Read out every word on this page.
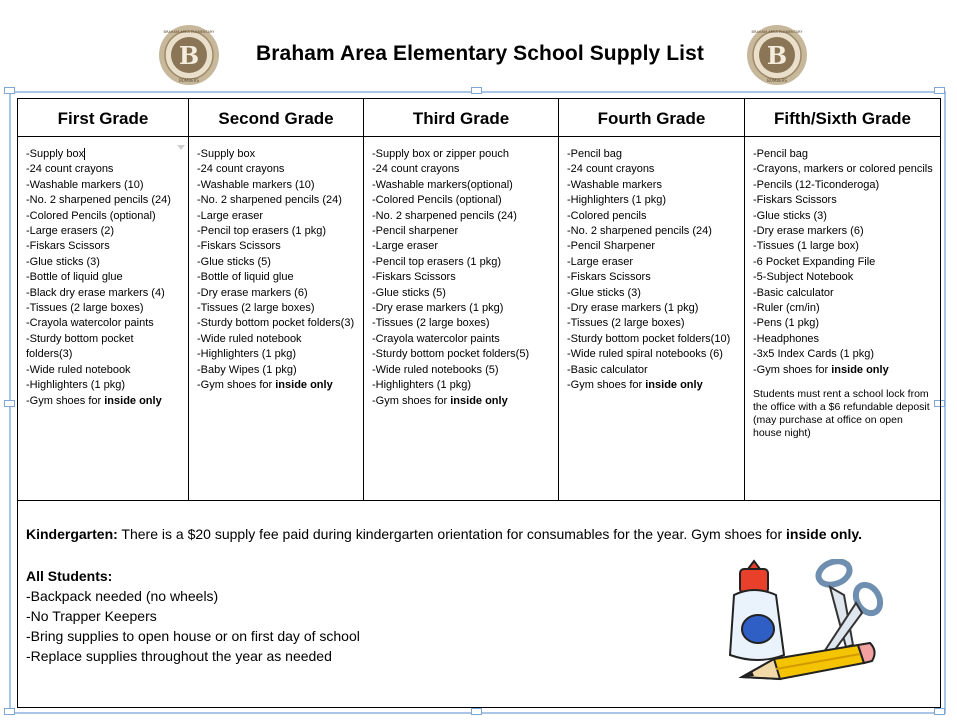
B
BRAHAM AREA ELEMENTARY
BOMBERS
Braham Area Elementary School Supply List	B
BRAHAM AREA ELEMENTARY
BOMBERS
First Grade
-Supply box
-24 count crayons
-Washable markers (10)
-No. 2 sharpened pencils (24)
-Colored Pencils (optional)
-Large erasers (2)
-Fiskars Scissors
-Glue sticks (3)
-Bottle of liquid glue
-Black dry erase markers (4)
-Tissues (2 large boxes)
-Crayola watercolor paints
-Sturdy bottom pocket
folders(3)
-Wide ruled notebook
-Highlighters (1 pkg)
-Gym shoes for inside only
Second Grade
-Supply box
-24 count crayons
-Washable markers (10)
-No. 2 sharpened pencils (24)
-Large eraser
-Pencil top erasers (1 pkg)
-Fiskars Scissors
-Glue sticks (5)
-Bottle of liquid glue
-Dry erase markers (6)
-Tissues (2 large boxes)
-Sturdy bottom pocket folders(3)
-Wide ruled notebook
-Highlighters (1 pkg)
-Baby Wipes (1 pkg)
-Gym shoes for inside only
Third Grade
-Supply box or zipper pouch
-24 count crayons
-Washable markers(optional)
-Colored Pencils (optional)
-No. 2 sharpened pencils (24)
-Pencil sharpener
-Large eraser
-Pencil top erasers (1 pkg)
-Fiskars Scissors
-Glue sticks (5)
-Dry erase markers (1 pkg)
-Tissues (2 large boxes)
-Crayola watercolor paints
-Sturdy bottom pocket folders(5)
-Wide ruled notebooks (5)
-Highlighters (1 pkg)
-Gym shoes for inside only
Fourth Grade
-Pencil bag
-24 count crayons
-Washable markers
-Highlighters (1 pkg)
-Colored pencils
-No. 2 sharpened pencils (24)
-Pencil Sharpener
-Large eraser
-Fiskars Scissors
-Glue sticks (3)
-Dry erase markers (1 pkg)
-Tissues (2 large boxes)
-Sturdy bottom pocket folders(10)
-Wide ruled spiral notebooks (6)
-Basic calculator
-Gym shoes for inside only
Fifth/Sixth Grade
-Pencil bag
-Crayons, markers or colored pencils
-Pencils (12-Ticonderoga)
-Fiskars Scissors
-Glue sticks (3)
-Dry erase markers (6)
-Tissues (1 large box)
-6 Pocket Expanding File
-5-Subject Notebook
-Basic calculator
-Ruler (cm/in)
-Pens (1 pkg)
-Headphones
-3x5 Index Cards (1 pkg)
-Gym shoes for inside only

Students must rent a school lock from the office with a $6 refundable deposit (may purchase at office on open house night)

Kindergarten: There is a $20 supply fee paid during kindergarten orientation for consumables for the year. Gym shoes for inside only.

All Students:

-Backpack needed (no wheels)
-No Trapper Keepers
-Bring supplies to open house or on first day of school
-Replace supplies throughout the year as needed
